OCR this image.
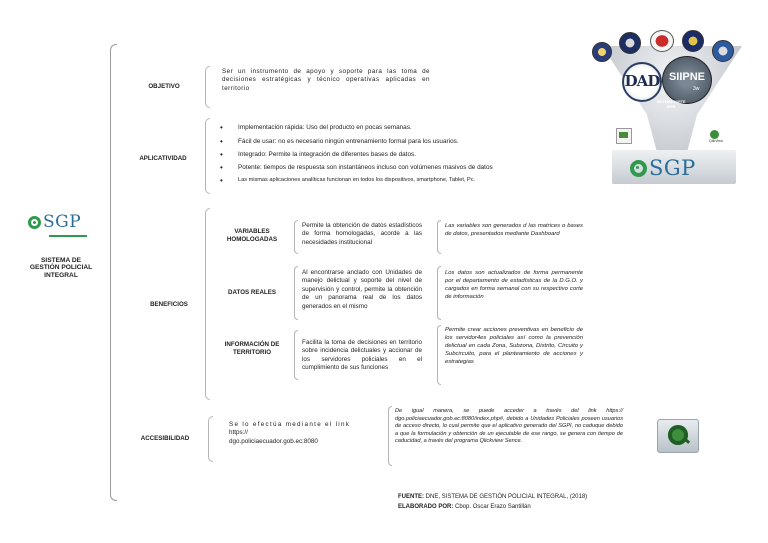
SGP
SISTEMA DE
GESTIÓN POLICIAL
INTEGRAL
OBJETIVO
Ser un instrumento de apoyo y soporte para las toma de decisiones estratégicas y técnico operativas aplicadas en territorio
APLICATIVIDAD
• Implementación rápida: Uso del producto en pocas semanas.
• Fácil de usar: no es necesario ningún entrenamiento formal para los usuarios.
• Integrado: Permite la integración de diferentes bases de datos.
• Potente: tiempos de respuesta son instantáneos incluso con volúmenes masivos de datos
•	Las mismas aplicaciones analíticas funcionan en todos los dispositivos, smartphone, Tablet, Pc.
BENEFICIOS
VARIABLES
HOMOLOGADAS
Permite la obtención de datos estadísticos de forma homologadas, acorde a las necesidades institucional
Las variables son generados d las matrices o bases de datos, presentados mediante Dashboard
DATOS REALES
Al encontrarse anclado con Unidades de manejo delictual y soporte del nivel de supervisión y control, permite la obtención de un panorama real de los datos generados en el mismo
Los datos son actualizados de forma permanente por el departamento de estadísticas de la D.G.O. y cargados en forma semanal con su respectivo corte de información
INFORMACIÓN DE
TERRITORIO
Facilita la toma de decisiones en territorio sobre incidencia delictuales y accionar de los servidores policiales en el cumplimiento de sus funciones
Permite crear acciones preventivas en beneficio de los servidor4es policiales así como la prevención delictual en cada Zona, Subzona, Distrito, Circuito y Subcircuito, para el planteamiento de acciones y estrategias
ACCESIBILIDAD
Se lo efectúa mediante el link
https://
dgo.policiaecuador.gob.ec:8080
De igual manera, se puede acceder a través del link https:// dgo.policiaecuador.gob.ec:8080/index.php#, debido a Unidades Policiales poseen usuarios de acceso directo, lo cual permite que el aplicativo generado del SGPI, no caduque debido a que la formulación y obtención de un ejecutable de ese rango, se genera con tiempo de caducidad, a través del programa Qlickview Sence.
DAD SIIPNE
3w
SISTEMA PARTE WEB
QlikView
SGP
FUENTE: DNE, SISTEMA DE GESTIÓN POLICIAL INTEGRAL, (2018)
ELABORADO POR: Cbop. Oscar Erazo Santillán
